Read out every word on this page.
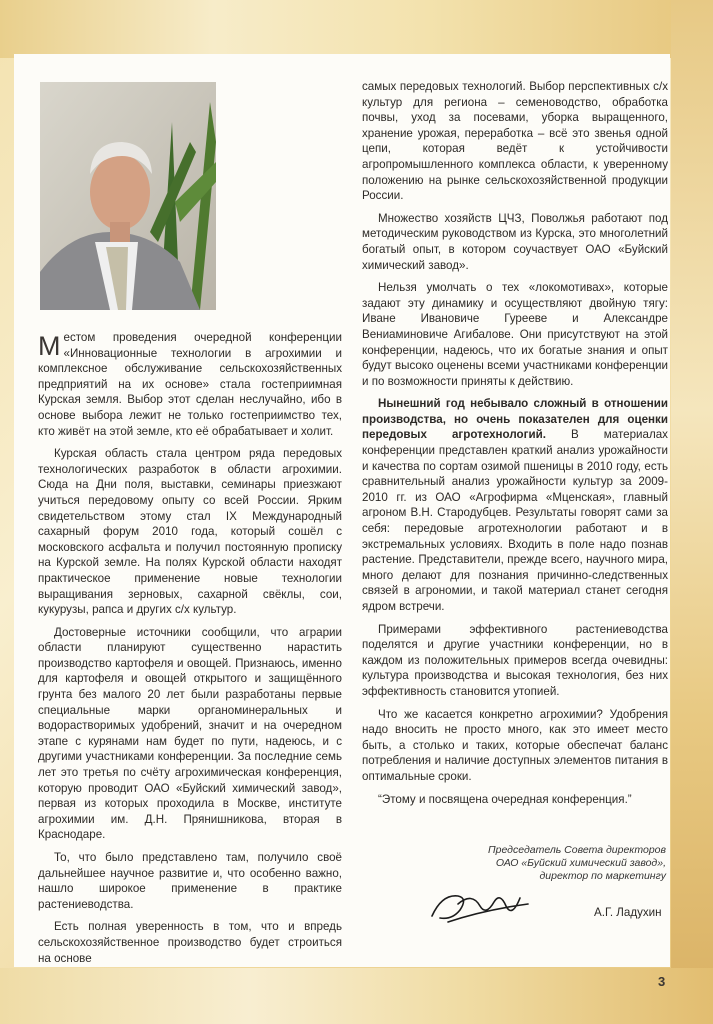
Местом проведения очередной конференции «Инновационные технологии в агрохимии и комплексное обслуживание сельскохозяйственных предприятий на их основе» стала гостеприимная Курская земля. Выбор этот сделан неслучайно, ибо в основе выбора лежит не только гостеприимство тех, кто живёт на этой земле, кто её обрабатывает и холит.

Курская область стала центром ряда передовых технологических разработок в области агрохимии. Сюда на Дни поля, выставки, семинары приезжают учиться передовому опыту со всей России. Ярким свидетельством этому стал IX Международный сахарный форум 2010 года, который сошёл с московского асфальта и получил постоянную прописку на Курской земле. На полях Курской области находят практическое применение новые технологии выращивания зерновых, сахарной свёклы, сои, кукурузы, рапса и других с/х культур.

Достоверные источники сообщили, что аграрии области планируют существенно нарастить производство картофеля и овощей. Признаюсь, именно для картофеля и овощей открытого и защищённого грунта без малого 20 лет были разработаны первые специальные марки органоминеральных и водорастворимых удобрений, значит и на очередном этапе с курянами нам будет по пути, надеюсь, и с другими участниками конференции. За последние семь лет это третья по счёту агрохимическая конференция, которую проводит ОАО «Буйский химический завод», первая из которых проходила в Москве, институте агрохимии им. Д.Н. Прянишникова, вторая в Краснодаре.

То, что было представлено там, получило своё дальнейшее научное развитие и, что особенно важно, нашло широкое применение в практике растениеводства.

Есть полная уверенность в том, что и впредь сельскохозяйственное производство будет строиться на основе

самых передовых технологий. Выбор перспективных с/х культур для региона – семеноводство, обработка почвы, уход за посевами, уборка выращенного, хранение урожая, переработка – всё это звенья одной цепи, которая ведёт к устойчивости агропромышленного комплекса области, к уверенному положению на рынке сельскохозяйственной продукции России.

Множество хозяйств ЦЧЗ, Поволжья работают под методическим руководством из Курска, это многолетний богатый опыт, в котором соучаствует ОАО «Буйский химический завод».

Нельзя умолчать о тех «локомотивах», которые задают эту динамику и осуществляют двойную тягу: Иване Ивановиче Гурееве и Александре Вениаминовиче Агибалове. Они присутствуют на этой конференции, надеюсь, что их богатые знания и опыт будут высоко оценены всеми участниками конференции и по возможности приняты к действию.

Нынешний год небывало сложный в отношении производства, но очень показателен для оценки передовых агротехнологий. В материалах конференции представлен краткий анализ урожайности и качества по сортам озимой пшеницы в 2010 году, есть сравнительный анализ урожайности культур за 2009-2010 гг. из ОАО «Агрофирма «Мценская», главный агроном В.Н. Стародубцев. Результаты говорят сами за себя: передовые агротехнологии работают и в экстремальных условиях. Входить в поле надо познав растение. Представители, прежде всего, научного мира, много делают для познания причинно-следственных связей в агрономии, и такой материал станет сегодня ядром встречи.

Примерами эффективного растениеводства поделятся и другие участники конференции, но в каждом из положительных примеров всегда очевидны: культура производства и высокая технология, без них эффективность становится утопией.

Что же касается конкретно агрохимии? Удобрения надо вносить не просто много, как это имеет место быть, а столько и таких, которые обеспечат баланс потребления и наличие доступных элементов питания в оптимальные сроки.

“Этому и посвящена очередная конференция.”

Председатель Совета директоров
ОАО «Буйский химический завод»,
директор по маркетингу
А.Г. Ладухин
3
